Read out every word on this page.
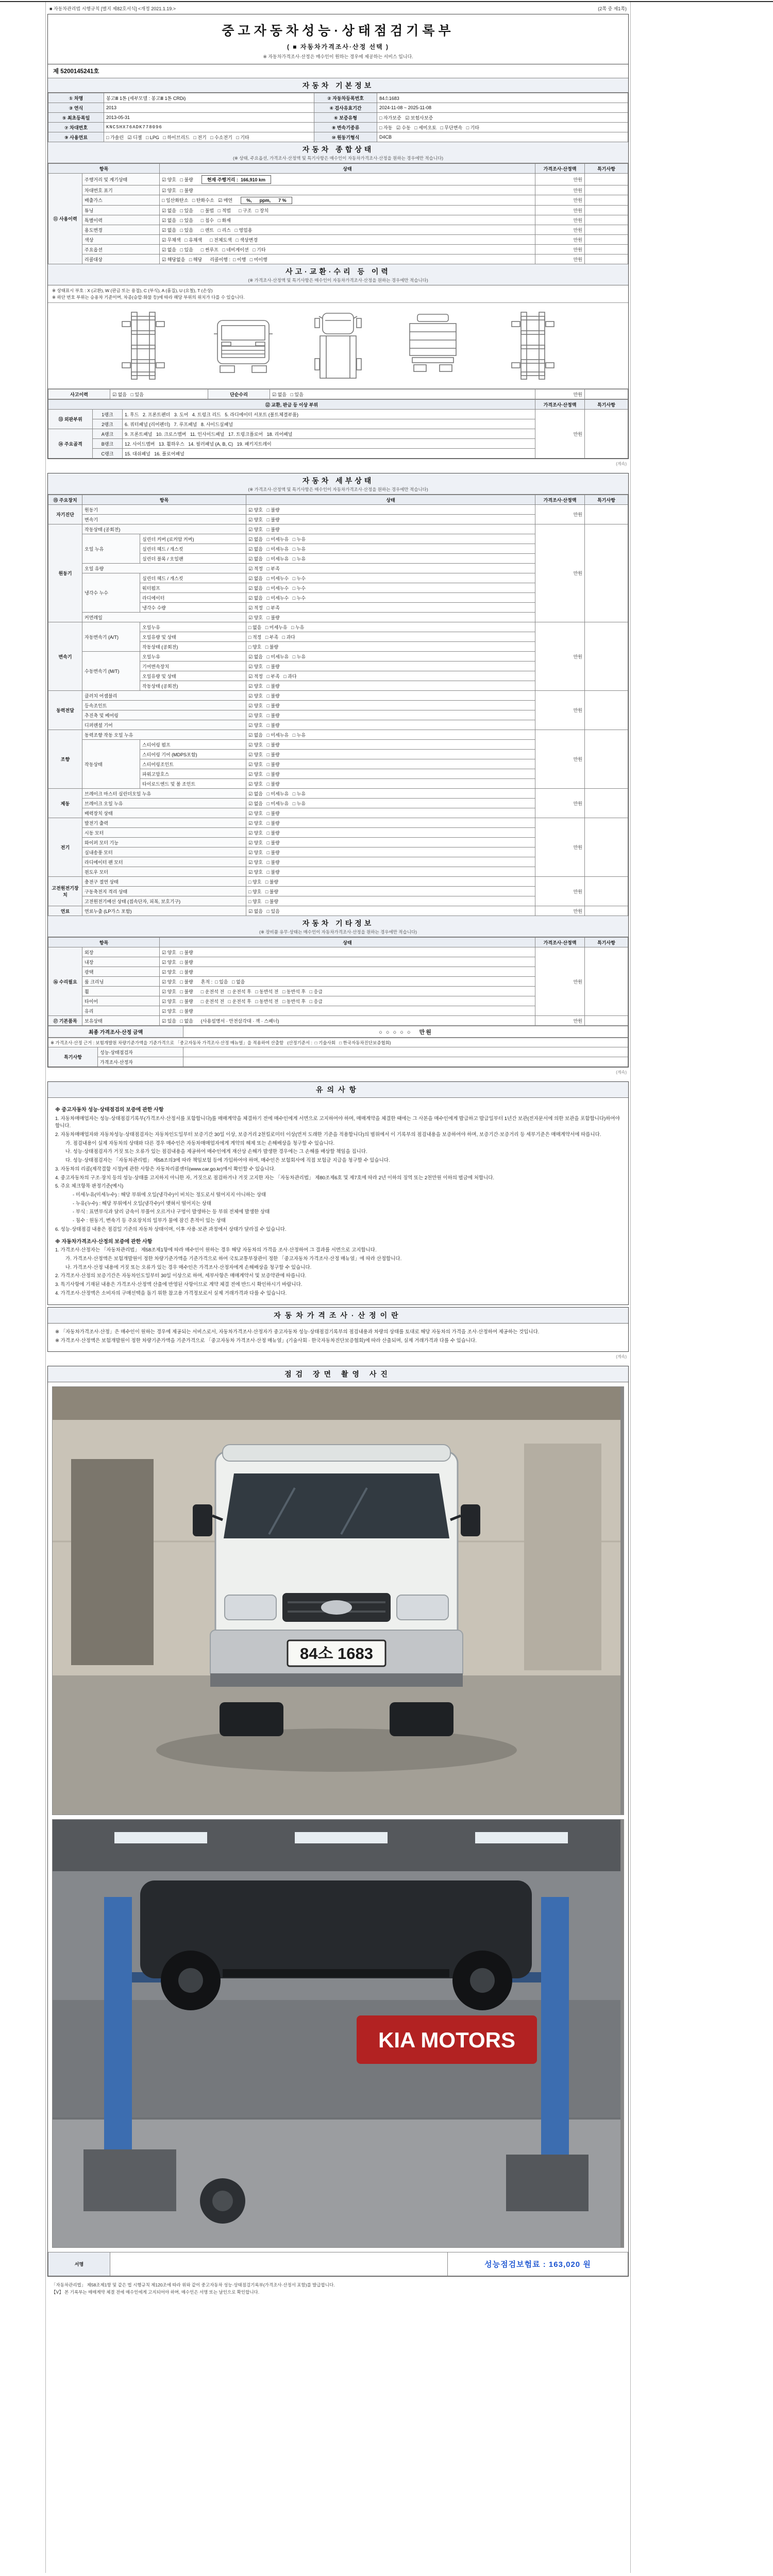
■ 자동차관리법 시행규칙 [별지 제82호서식] <개정 2021.1.19.>	(2쪽 중 제1쪽)
중고자동차성능·상태점검기록부
( ■ 자동차가격조사·산정 선택 )
※ 자동차가격조사·산정은 매수인이 원하는 경우에 제공하는 서비스 입니다.
제 5200145241호
자동차 기본정보
① 차명	봉고Ⅲ 1톤 (세부모델 : 봉고Ⅲ 1톤 CRDi)	② 자동차등록번호	84소1683
③ 연식	2013	④ 검사유효기간	2024-11-08 ~ 2025-11-08
⑤ 최초등록일	2013-05-31	⑥ 보증유형	□ 자가보증   ☑ 보험사보증
⑦ 차대번호	KNCSHX76ADK778096	⑧ 변속기종류	□ 자동   ☑ 수동   □ 세미오토   □ 무단변속   □ 기타
⑨ 사용연료	□ 가솔린   ☑ 디젤   □ LPG   □ 하이브리드   □ 전기   □ 수소전기   □ 기타	⑩ 원동기형식	D4CB
자동차 종합상태
(※ 상태, 주요옵션, 가격조사·산정액 및 특기사항은 매수인이 자동차가격조사·산정을 원하는 경우에만 적습니다)
항목		상태	가격조사·산정액	특기사항
⑪ 사용이력	주행거리 및 계기상태	☑ 양호   □ 불량 현재 주행거리 :  166,910 km	만원	
	차대번호 표기	☑ 양호   □ 불량	만원	
	배출가스	□ 일산화탄소   □ 탄화수소   ☑ 매연 %,      ppm,      7 %	만원	
	튜닝	☑ 없음   □ 있음      □ 불법   □ 적법      □ 구조   □ 장치	만원	
	특별이력	☑ 없음   □ 있음      □ 침수   □ 화재	만원	
	용도변경	☑ 없음   □ 있음      □ 렌트   □ 리스   □ 영업용	만원	
	색상	☑ 무채색   □ 유채색      □ 전체도색   □ 색상변경	만원	
	주요옵션	☑ 없음   □ 있음      □ 썬루프   □ 네비게이션   □ 기타	만원	
	리콜대상	☑ 해당없음   □ 해당      리콜이행 :  □ 이행   □ 미이행	만원	
사고·교환·수리 등 이력
(※ 가격조사·산정액 및 특기사항은 매수인이 자동차가격조사·산정을 원하는 경우에만 적습니다)
※ 상태표시 부호 : X (교환), W (판금 또는 용접), C (부식), A (흠집), U (요철), T (손상)
※ 하단 번호 부위는 승용차 기준이며, 차종(승합·화물 등)에 따라 해당 부위의 위치가 다를 수 있습니다.
사고이력	☑ 없음   □ 있음	단순수리	☑ 없음   □ 있음	만원	
⑫ 교환, 판금 등 이상 부위			가격조사·산정액	특기사항
⑬ 외판부위	1랭크	1. 후드   2. 프론트펜더   3. 도어   4. 트렁크 리드   5. 라디에이터 서포트 (볼트체결부품)	만원	
	2랭크	6. 쿼터패널 (리어펜더)   7. 루프패널   8. 사이드실패널		
⑭ 주요골격	A랭크	9. 프론트패널   10. 크로스멤버   11. 인사이드패널   17. 트렁크플로어   18. 리어패널		
	B랭크	12. 사이드멤버   13. 휠하우스   14. 필러패널 (A, B, C)   19. 패키지트레이		
	C랭크	15. 대쉬패널   16. 플로어패널		
(계속)
자동차 세부상태
(※ 가격조사·산정액 및 특기사항은 매수인이 자동차가격조사·산정을 원하는 경우에만 적습니다)
⑮ 주요장치	항목		상태	가격조사·산정액	특기사항
자기진단	원동기		☑ 양호   □ 불량	만원	
	변속기		☑ 양호   □ 불량		
원동기	작동상태 (공회전)		☑ 양호   □ 불량	만원	
	오일 누유	실린더 커버 (로커암 커버)	☑ 없음   □ 미세누유   □ 누유		
		실린더 헤드 / 개스킷	☑ 없음   □ 미세누유   □ 누유		
		실린더 블록 / 오일팬	☑ 없음   □ 미세누유   □ 누유		
	오일 유량		☑ 적정   □ 부족		
	냉각수 누수	실린더 헤드 / 개스킷	☑ 없음   □ 미세누수   □ 누수		
		워터펌프	☑ 없음   □ 미세누수   □ 누수		
		라디에이터	☑ 없음   □ 미세누수   □ 누수		
		냉각수 수량	☑ 적정   □ 부족		
	커먼레일		☑ 양호   □ 불량		
변속기	자동변속기 (A/T)	오일누유	□ 없음   □ 미세누유   □ 누유	만원	
		오일유량 및 상태	□ 적정   □ 부족   □ 과다		
		작동상태 (공회전)	□ 양호   □ 불량		
	수동변속기 (M/T)	오일누유	☑ 없음   □ 미세누유   □ 누유		
		기어변속장치	☑ 양호   □ 불량		
		오일유량 및 상태	☑ 적정   □ 부족   □ 과다		
		작동상태 (공회전)	☑ 양호   □ 불량		
동력전달	클러치 어셈블리		☑ 양호   □ 불량	만원	
	등속조인트		☑ 양호   □ 불량		
	추진축 및 베어링		☑ 양호   □ 불량		
	디퍼렌셜 기어		☑ 양호   □ 불량		
조향	동력조향 작동 오일 누유		☑ 없음   □ 미세누유   □ 누유	만원	
	작동상태	스티어링 펌프	☑ 양호   □ 불량		
		스티어링 기어 (MDPS포함)	☑ 양호   □ 불량		
		스티어링조인트	☑ 양호   □ 불량		
		파워고압호스	☑ 양호   □ 불량		
		타이로드엔드 및 볼 조인트	☑ 양호   □ 불량		
제동	브레이크 마스터 실린더오일 누유		☑ 없음   □ 미세누유   □ 누유	만원	
	브레이크 오일 누유		☑ 없음   □ 미세누유   □ 누유		
	배력장치 상태		☑ 양호   □ 불량		
전기	발전기 출력		☑ 양호   □ 불량	만원	
	시동 모터		☑ 양호   □ 불량		
	와이퍼 모터 기능		☑ 양호   □ 불량		
	실내송풍 모터		☑ 양호   □ 불량		
	라디에이터 팬 모터		☑ 양호   □ 불량		
	윈도우 모터		☑ 양호   □ 불량		
고전원전기장치	충전구 절연 상태		□ 양호   □ 불량	만원	
	구동축전지 격리 상태		□ 양호   □ 불량		
	고전원전기배선 상태 (접속단자, 피복, 보호기구)		□ 양호   □ 불량		
연료	연료누출 (LP가스 포함)		☑ 없음   □ 있음	만원	
자동차 기타정보
(※ 장비품 유무·상태는 매수인이 자동차가격조사·산정을 원하는 경우에만 적습니다)
항목		상태	가격조사·산정액	특기사항
⑯ 수리필요	외장	☑ 양호   □ 불량	만원	
	내장	☑ 양호   □ 불량		
	광택	☑ 양호   □ 불량		
	룸 크리닝	☑ 양호   □ 불량      흔적 :  □ 있음   □ 없음		
	휠	☑ 양호   □ 불량      □ 운전석 전   □ 운전석 후   □ 동반석 전   □ 동반석 후   □ 응급		
	타이어	☑ 양호   □ 불량      □ 운전석 전   □ 운전석 후   □ 동반석 전   □ 동반석 후   □ 응급		
	유리	☑ 양호   □ 불량		
⑰ 기본품목	보유상태	☑ 있음   □ 없음      (사용설명서 · 안전삼각대 · 잭 · 스패너)	만원	
최종 가격조사·산정 금액	○ ○ ○ ○ ○   만원
※ 가격조사·산정 근거 : 보험개발원 차량기준가액을 기준가격으로 「중고자동차 가격조사·산정 매뉴얼」을 적용하여 산출함   (산정기준서 :  □ 기술사회   □ 한국자동차진단보증협회)		
특기사항	성능·상태점검자	
	가격조사·산정자	
(계속)
유의사항
※ 중고자동차 성능·상태점검의 보증에 관한 사항
1. 자동차매매업자는 성능·상태점검기록부(가격조사·산정서를 포함합니다)를 매매계약을 체결하기 전에 매수인에게 서면으로 고지하여야 하며, 매매계약을 체결한 때에는 그 사본을 매수인에게 발급하고 발급일부터 1년간 보관(전자문서에 의한 보관을 포함합니다)하여야 합니다.
2. 자동차매매업자와 자동차성능·상태점검자는 자동차인도일부터 보증기간 30일 이상, 보증거리 2천킬로미터 이상(먼저 도래한 기준을 적용합니다)의 범위에서 이 기록부의 점검내용을 보증하여야 하며, 보증기간·보증거리 등 세부기준은 매매계약서에 따릅니다.
가. 점검내용이 실제 자동차의 상태와 다른 경우 매수인은 자동차매매업자에게 계약의 해제 또는 손해배상을 청구할 수 있습니다.
나. 성능·상태점검자가 거짓 또는 오류가 있는 점검내용을 제공하여 매수인에게 재산상 손해가 발생한 경우에는 그 손해를 배상할 책임을 집니다.
다. 성능·상태점검자는 「자동차관리법」 제58조의3에 따라 책임보험 등에 가입하여야 하며, 매수인은 보험회사에 직접 보험금 지급을 청구할 수 있습니다.
3. 자동차의 리콜(제작결함 시정)에 관한 사항은 자동차리콜센터(www.car.go.kr)에서 확인할 수 있습니다.
4. 중고자동차의 구조·장치 등의 성능·상태를 고지하지 아니한 자, 거짓으로 점검하거나 거짓 고지한 자는 「자동차관리법」 제80조제6호 및 제7호에 따라 2년 이하의 징역 또는 2천만원 이하의 벌금에 처합니다.
5. 주요 체크항목 판정기준(예시)
- 미세누유(미세누수) : 해당 부위에 오일(냉각수)이 비치는 정도로서 떨어지지 아니하는 상태
- 누유(누수) : 해당 부위에서 오일(냉각수)이 맺혀서 떨어지는 상태
- 부식 : 표면부식과 달리 금속이 부풀어 오르거나 구멍이 발생하는 등 부위 전체에 발생한 상태
- 침수 : 원동기, 변속기 등 주요장치의 일부가 물에 잠긴 흔적이 있는 상태
6. 성능·상태점검 내용은 점검일 기준의 자동차 상태이며, 이후 사용·보관 과정에서 상태가 달라질 수 있습니다.
※ 자동차가격조사·산정의 보증에 관한 사항
1. 가격조사·산정자는 「자동차관리법」 제58조제1항에 따라 매수인이 원하는 경우 해당 자동차의 가격을 조사·산정하여 그 결과를 서면으로 고지합니다.
가. 가격조사·산정액은 보험개발원이 정한 차량기준가액을 기준가격으로 하여 국토교통부장관이 정한 「중고자동차 가격조사·산정 매뉴얼」에 따라 산정합니다.
나. 가격조사·산정 내용에 거짓 또는 오류가 있는 경우 매수인은 가격조사·산정자에게 손해배상을 청구할 수 있습니다.
2. 가격조사·산정의 보증기간은 자동차인도일부터 30일 이상으로 하며, 세부사항은 매매계약서 및 보증약관에 따릅니다.
3. 특기사항에 기재된 내용은 가격조사·산정액 산출에 반영된 사항이므로 계약 체결 전에 반드시 확인하시기 바랍니다.
4. 가격조사·산정액은 소비자의 구매선택을 돕기 위한 참고용 가격정보로서 실제 거래가격과 다를 수 있습니다.
자동차가격조사·산정이란
※ 「자동차가격조사·산정」은 매수인이 원하는 경우에 제공되는 서비스로서, 자동차가격조사·산정자가 중고자동차 성능·상태점검기록부의 점검내용과 차량의 상태를 토대로 해당 자동차의 가격을 조사·산정하여 제공하는 것입니다.
※ 가격조사·산정액은 보험개발원이 정한 차량기준가액을 기준가격으로 「중고자동차 가격조사·산정 매뉴얼」(기술사회 · 한국자동차진단보증협회)에 따라 산출되며, 실제 거래가격과 다를 수 있습니다.
(계속)
점검 장면 촬영 사진
84소 1683
KIA MOTORS
서명		성능점검보험료 : 163,020 원
「자동차관리법」 제58조제1항 및 같은 법 시행규칙 제120조에 따라 위와 같이 중고자동차 성능·상태점검기록부(가격조사·산정서 포함)를 발급합니다.
【Ⅴ】 본 기록부는 매매계약 체결 전에 매수인에게 고지되어야 하며, 매수인은 서명 또는 날인으로 확인합니다.
